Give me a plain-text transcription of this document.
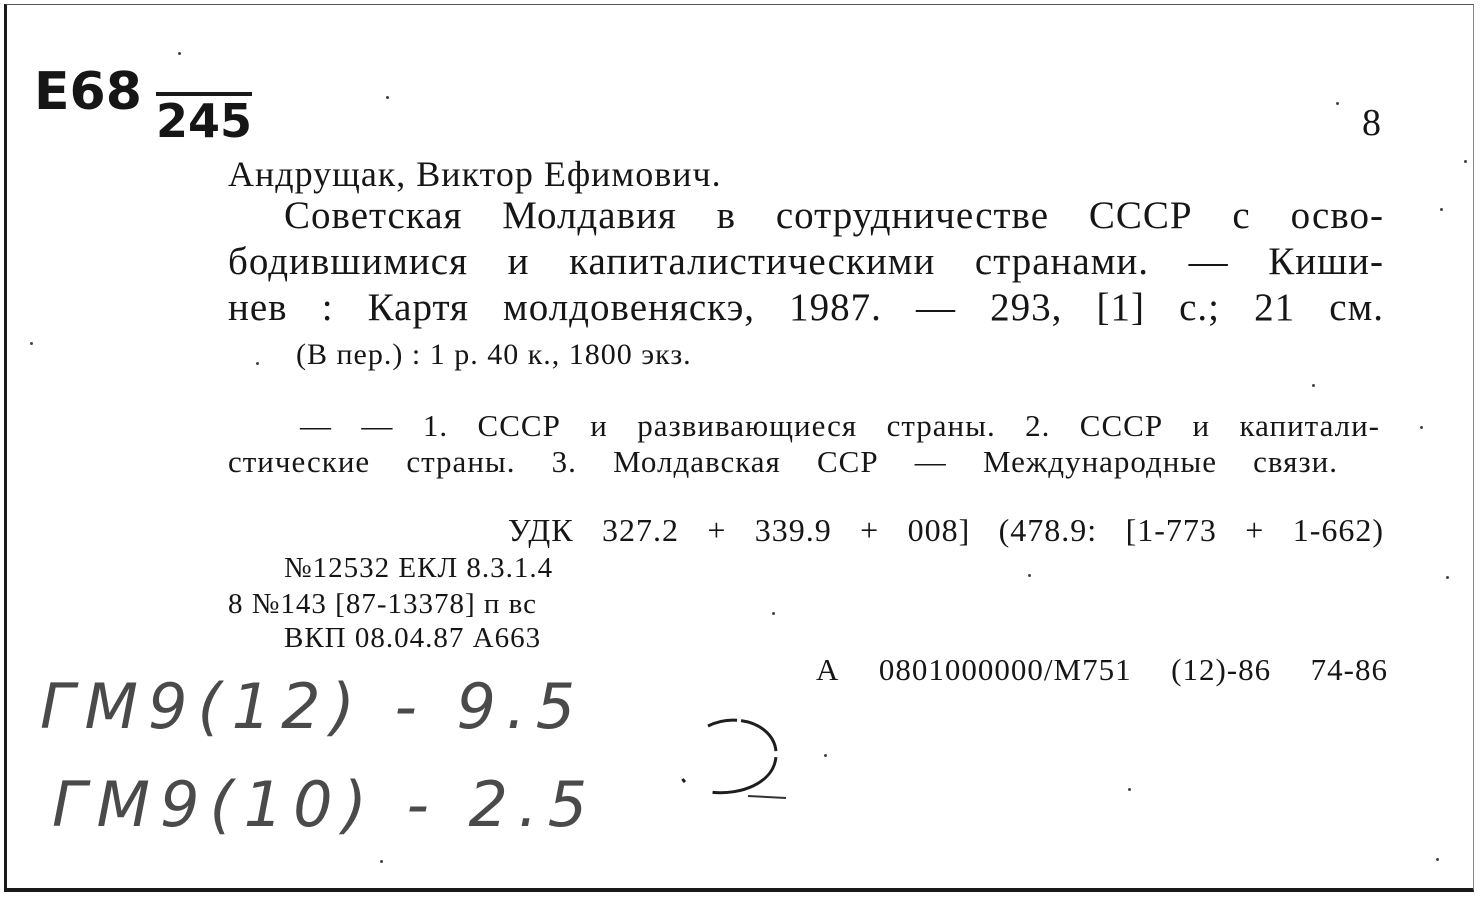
Е68 245	8
Андрущак, Виктор Ефимович.
Советская Молдавия в сотрудничестве СССР с осво-
бодившимися и капиталистическими странами. — Киши-
нев : Картя молдовеняскэ, 1987. — 293, [1] с.; 21 см.
(В пер.) : 1 р. 40 к., 1800 экз.
— — 1. СССР и развивающиеся страны. 2. СССР и капитали-
стические страны. 3. Молдавская ССР — Международные связи.
УДК 327.2 + 339.9 + 008] (478.9: [1-773 + 1-662)
№12532 ЕКЛ 8.3.1.4
8 №143 [87-13378] п вс
ВКП 08.04.87 А663
А 0801000000/М751 (12)-86 74-86
ГМ9(12) - 9.5
ГМ9(10) - 2.5
